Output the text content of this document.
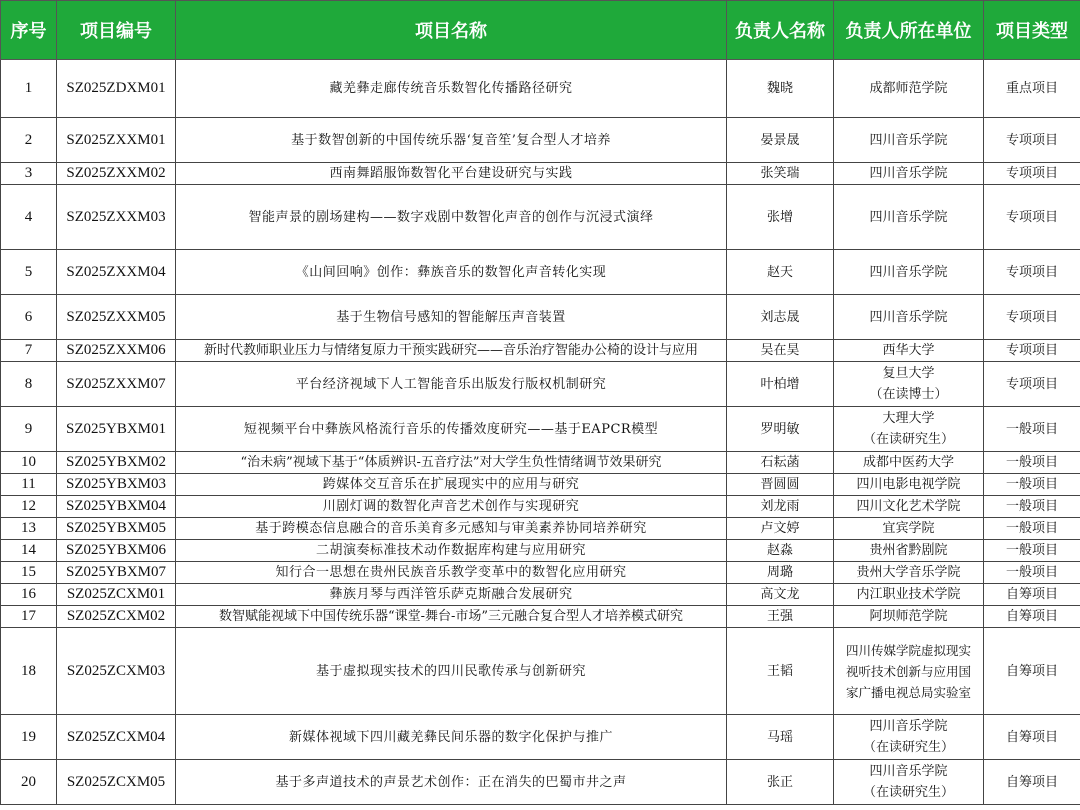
序号	项目编号	项目名称	负责人名称	负责人所在单位	项目类型
1	SZ025ZDXM01	藏羌彝走廊传统音乐数智化传播路径研究	魏晓	成都师范学院	重点项目
2	SZ025ZXXM01	基于数智创新的中国传统乐器‘复音笙’复合型人才培养	晏景晟	四川音乐学院	专项项目
3	SZ025ZXXM02	西南舞蹈服饰数智化平台建设研究与实践	张笑瑞	四川音乐学院	专项项目
4	SZ025ZXXM03	智能声景的剧场建构——数字戏剧中数智化声音的创作与沉浸式演绎	张增	四川音乐学院	专项项目
5	SZ025ZXXM04	《山间回响》创作：彝族音乐的数智化声音转化实现	赵天	四川音乐学院	专项项目
6	SZ025ZXXM05	基于生物信号感知的智能解压声音装置	刘志晟	四川音乐学院	专项项目
7	SZ025ZXXM06	新时代教师职业压力与情绪复原力干预实践研究——音乐治疗智能办公椅的设计与应用	吴在昊	西华大学	专项项目
8	SZ025ZXXM07	平台经济视域下人工智能音乐出版发行版权机制研究	叶柏增	复旦大学
（在读博士）	专项项目
9	SZ025YBXM01	短视频平台中彝族风格流行音乐的传播效度研究——基于EAPCR模型	罗明敏	大理大学
（在读研究生）	一般项目
10	SZ025YBXM02	“治未病”视域下基于“体质辨识-五音疗法”对大学生负性情绪调节效果研究	石耘菡	成都中医药大学	一般项目
11	SZ025YBXM03	跨媒体交互音乐在扩展现实中的应用与研究	晋圆圆	四川电影电视学院	一般项目
12	SZ025YBXM04	川剧灯调的数智化声音艺术创作与实现研究	刘龙雨	四川文化艺术学院	一般项目
13	SZ025YBXM05	基于跨模态信息融合的音乐美育多元感知与审美素养协同培养研究	卢文婷	宜宾学院	一般项目
14	SZ025YBXM06	二胡演奏标准技术动作数据库构建与应用研究	赵淼	贵州省黔剧院	一般项目
15	SZ025YBXM07	知行合一思想在贵州民族音乐教学变革中的数智化应用研究	周璐	贵州大学音乐学院	一般项目
16	SZ025ZCXM01	彝族月琴与西洋管乐萨克斯融合发展研究	高文龙	内江职业技术学院	自筹项目
17	SZ025ZCXM02	数智赋能视域下中国传统乐器“课堂-舞台-市场”三元融合复合型人才培养模式研究	王强	阿坝师范学院	自筹项目
18	SZ025ZCXM03	基于虚拟现实技术的四川民歌传承与创新研究	王韬	四川传媒学院虚拟现实
视听技术创新与应用国
家广播电视总局实验室	自筹项目
19	SZ025ZCXM04	新媒体视域下四川藏羌彝民间乐器的数字化保护与推广	马瑶	四川音乐学院
（在读研究生）	自筹项目
20	SZ025ZCXM05	基于多声道技术的声景艺术创作：正在消失的巴蜀市井之声	张正	四川音乐学院
（在读研究生）	自筹项目
